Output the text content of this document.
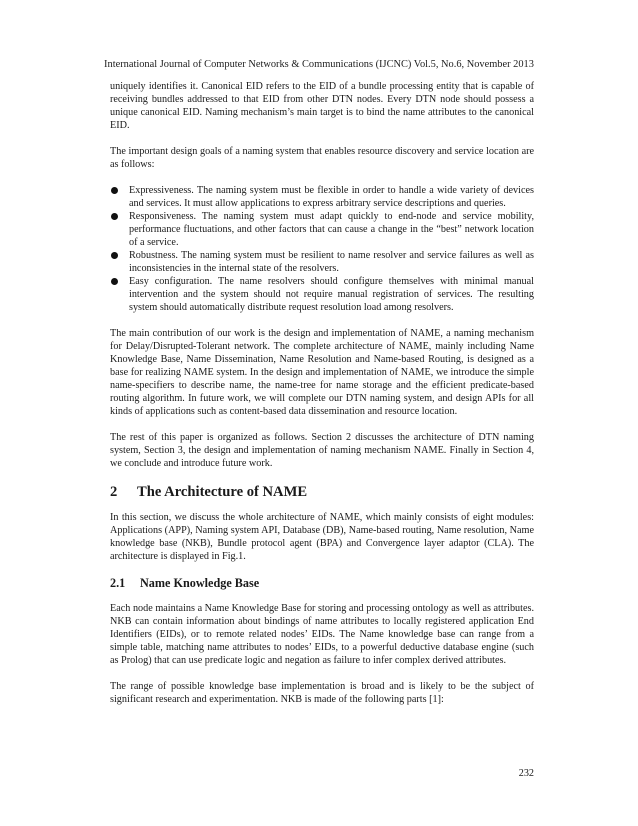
International Journal of Computer Networks & Communications (IJCNC) Vol.5, No.6, November 2013

uniquely identifies it. Canonical EID refers to the EID of a bundle processing entity that is capable of receiving bundles addressed to that EID from other DTN nodes. Every DTN node should possess a unique canonical EID. Naming mechanism’s main target is to bind the name attributes to the canonical EID.

The important design goals of a naming system that enables resource discovery and service location are as follows:

Expressiveness. The naming system must be flexible in order to handle a wide variety of devices and services. It must allow applications to express arbitrary service descriptions and queries.
Responsiveness. The naming system must adapt quickly to end-node and service mobility, performance fluctuations, and other factors that can cause a change in the “best” network location of a service.
Robustness. The naming system must be resilient to name resolver and service failures as well as inconsistencies in the internal state of the resolvers.
Easy configuration. The name resolvers should configure themselves with minimal manual intervention and the system should not require manual registration of services. The resulting system should automatically distribute request resolution load among resolvers.

The main contribution of our work is the design and implementation of NAME, a naming mechanism for Delay/Disrupted-Tolerant network. The complete architecture of NAME, mainly including Name Knowledge Base, Name Dissemination, Name Resolution and Name-based Routing, is designed as a base for realizing NAME system. In the design and implementation of NAME, we introduce the simple name-specifiers to describe name, the name-tree for name storage and the efficient predicate-based routing algorithm. In future work, we will complete our DTN naming system, and design APIs for all kinds of applications such as content-based data dissemination and resource location.

The rest of this paper is organized as follows. Section 2 discusses the architecture of DTN naming system, Section 3, the design and implementation of naming mechanism NAME. Finally in Section 4, we conclude and introduce future work.

2 The Architecture of NAME

In this section, we discuss the whole architecture of NAME, which mainly consists of eight modules: Applications (APP), Naming system API, Database (DB), Name-based routing, Name resolution, Name knowledge base (NKB), Bundle protocol agent (BPA) and Convergence layer adaptor (CLA). The architecture is displayed in Fig.1.

2.1 Name Knowledge Base

Each node maintains a Name Knowledge Base for storing and processing ontology as well as attributes. NKB can contain information about bindings of name attributes to locally registered application End Identifiers (EIDs), or to remote related nodes’ EIDs. The Name knowledge base can range from a simple table, matching name attributes to nodes’ EIDs, to a powerful deductive database engine (such as Prolog) that can use predicate logic and negation as failure to infer complex derived attributes.

The range of possible knowledge base implementation is broad and is likely to be the subject of significant research and experimentation. NKB is made of the following parts [1]:

232
